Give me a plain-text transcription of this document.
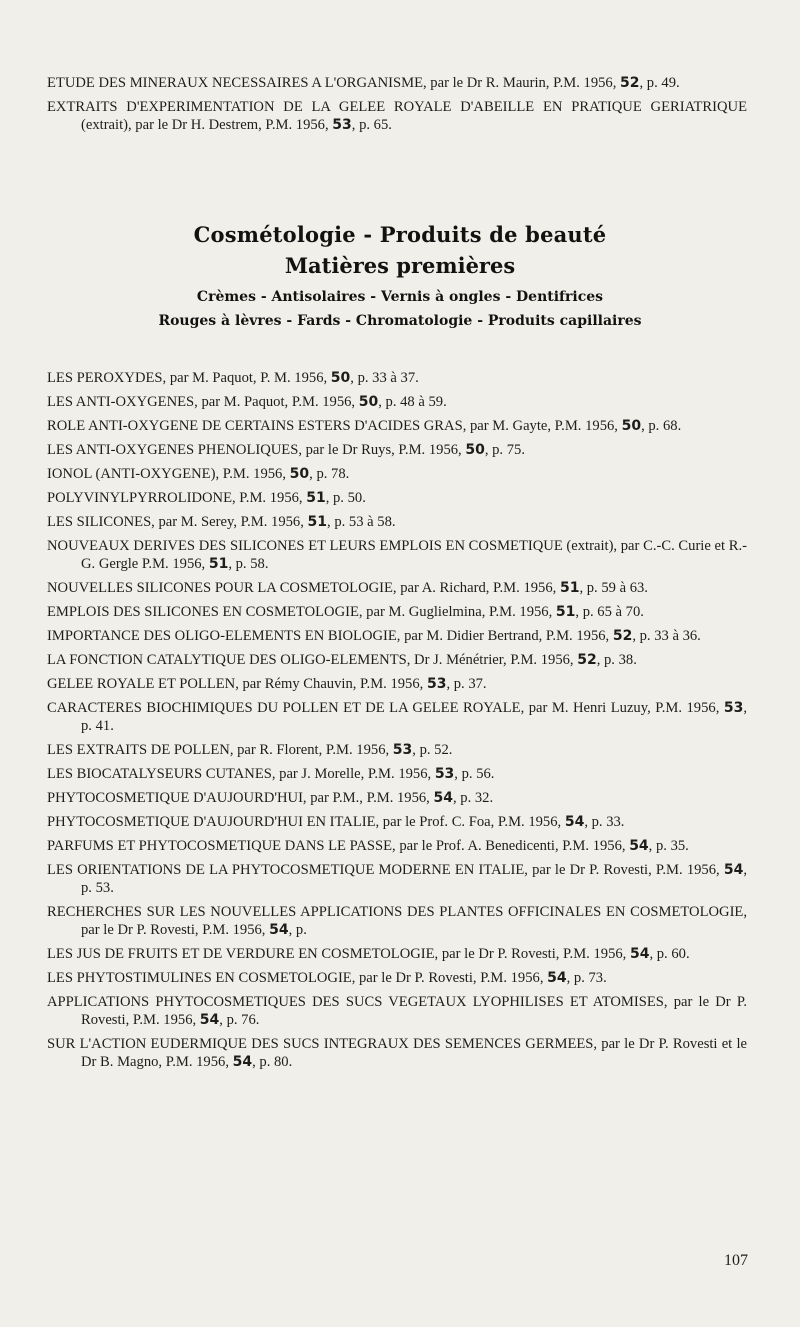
ETUDE DES MINERAUX NECESSAIRES A L'ORGANISME, par le Dr R. Maurin, P.M. 1956, 52, p. 49.

EXTRAITS D'EXPERIMENTATION DE LA GELEE ROYALE D'ABEILLE EN PRATIQUE GERIATRIQUE (extrait), par le Dr H. Destrem, P.M. 1956, 53, p. 65.

Cosmétologie - Produits de beauté
Matières premières
Crèmes - Antisolaires - Vernis à ongles - Dentifrices
Rouges à lèvres - Fards - Chromatologie - Produits capillaires

LES PEROXYDES, par M. Paquot, P. M. 1956, 50, p. 33 à 37.

LES ANTI-OXYGENES, par M. Paquot, P.M. 1956, 50, p. 48 à 59.

ROLE ANTI-OXYGENE DE CERTAINS ESTERS D'ACIDES GRAS, par M. Gayte, P.M. 1956, 50, p. 68.

LES ANTI-OXYGENES PHENOLIQUES, par le Dr Ruys, P.M. 1956, 50, p. 75.

IONOL (ANTI-OXYGENE), P.M. 1956, 50, p. 78.

POLYVINYLPYRROLIDONE, P.M. 1956, 51, p. 50.

LES SILICONES, par M. Serey, P.M. 1956, 51, p. 53 à 58.

NOUVEAUX DERIVES DES SILICONES ET LEURS EMPLOIS EN COSMETIQUE (extrait), par C.-C. Curie et R.-G. Gergle P.M. 1956, 51, p. 58.

NOUVELLES SILICONES POUR LA COSMETOLOGIE, par A. Richard, P.M. 1956, 51, p. 59 à 63.

EMPLOIS DES SILICONES EN COSMETOLOGIE, par M. Guglielmina, P.M. 1956, 51, p. 65 à 70.

IMPORTANCE DES OLIGO-ELEMENTS EN BIOLOGIE, par M. Didier Bertrand, P.M. 1956, 52, p. 33 à 36.

LA FONCTION CATALYTIQUE DES OLIGO-ELEMENTS, Dr J. Ménétrier, P.M. 1956, 52, p. 38.

GELEE ROYALE ET POLLEN, par Rémy Chauvin, P.M. 1956, 53, p. 37.

CARACTERES BIOCHIMIQUES DU POLLEN ET DE LA GELEE ROYALE, par M. Henri Luzuy, P.M. 1956, 53, p. 41.

LES EXTRAITS DE POLLEN, par R. Florent, P.M. 1956, 53, p. 52.

LES BIOCATALYSEURS CUTANES, par J. Morelle, P.M. 1956, 53, p. 56.

PHYTOCOSMETIQUE D'AUJOURD'HUI, par P.M., P.M. 1956, 54, p. 32.

PHYTOCOSMETIQUE D'AUJOURD'HUI EN ITALIE, par le Prof. C. Foa, P.M. 1956, 54, p. 33.

PARFUMS ET PHYTOCOSMETIQUE DANS LE PASSE, par le Prof. A. Benedicenti, P.M. 1956, 54, p. 35.

LES ORIENTATIONS DE LA PHYTOCOSMETIQUE MODERNE EN ITALIE, par le Dr P. Rovesti, P.M. 1956, 54, p. 53.

RECHERCHES SUR LES NOUVELLES APPLICATIONS DES PLANTES OFFICINALES EN COSMETOLOGIE, par le Dr P. Rovesti, P.M. 1956, 54, p.

LES JUS DE FRUITS ET DE VERDURE EN COSMETOLOGIE, par le Dr P. Rovesti, P.M. 1956, 54, p. 60.

LES PHYTOSTIMULINES EN COSMETOLOGIE, par le Dr P. Rovesti, P.M. 1956, 54, p. 73.

APPLICATIONS PHYTOCOSMETIQUES DES SUCS VEGETAUX LYOPHILISES ET ATOMISES, par le Dr P. Rovesti, P.M. 1956, 54, p. 76.

SUR L'ACTION EUDERMIQUE DES SUCS INTEGRAUX DES SEMENCES GERMEES, par le Dr P. Rovesti et le Dr B. Magno, P.M. 1956, 54, p. 80.

107
